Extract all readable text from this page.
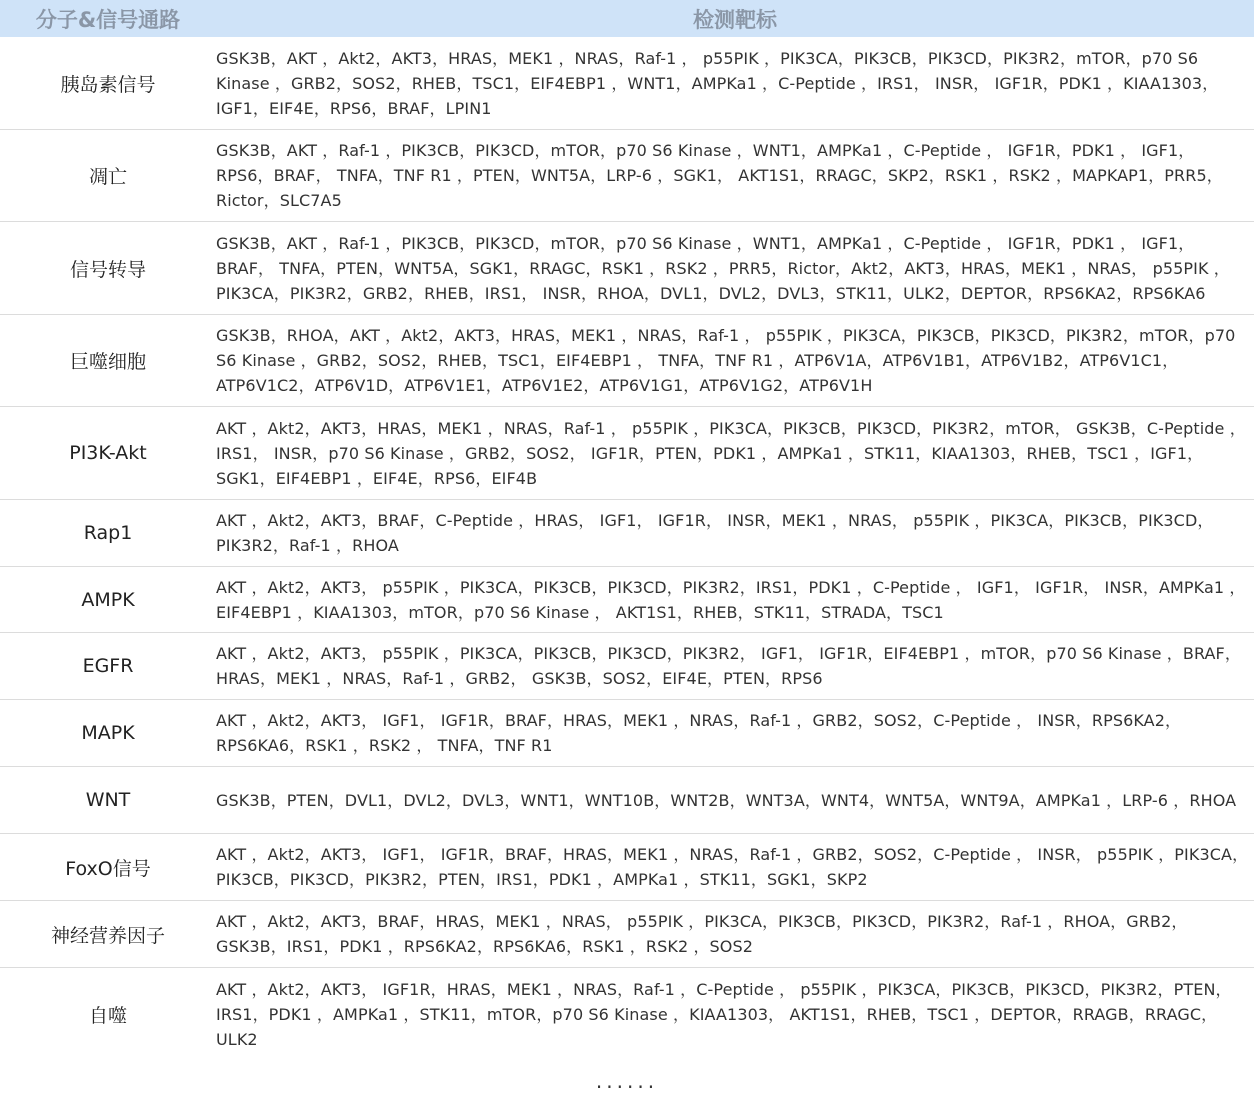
分子&信号通路	检测靶标
胰岛素信号
GSK3B，AKT ，Akt2，AKT3，HRAS，MEK1 ，NRAS，Raf-1 ， p55PIK ，PIK3CA，PIK3CB，PIK3CD，PIK3R2，mTOR，p70 S6 Kinase ，GRB2，SOS2，RHEB，TSC1，EIF4EBP1 ，WNT1，AMPKa1 ，C-Peptide ，IRS1， INSR， IGF1R，PDK1 ，KIAA1303， IGF1，EIF4E，RPS6，BRAF，LPIN1
凋亡
GSK3B，AKT ，Raf-1 ，PIK3CB，PIK3CD，mTOR，p70 S6 Kinase ，WNT1，AMPKa1 ，C-Peptide ， IGF1R，PDK1 ， IGF1，RPS6，BRAF， TNFA，TNF R1 ，PTEN，WNT5A，LRP-6 ，SGK1， AKT1S1，RRAGC，SKP2，RSK1 ，RSK2 ，MAPKAP1，PRR5，Rictor，SLC7A5
信号转导
GSK3B，AKT ，Raf-1 ，PIK3CB，PIK3CD，mTOR，p70 S6 Kinase ，WNT1，AMPKa1 ，C-Peptide ， IGF1R，PDK1 ， IGF1，BRAF， TNFA，PTEN，WNT5A，SGK1，RRAGC，RSK1 ，RSK2 ，PRR5，Rictor，Akt2，AKT3，HRAS，MEK1 ，NRAS， p55PIK ，PIK3CA，PIK3R2，GRB2，RHEB，IRS1， INSR，RHOA，DVL1，DVL2，DVL3，STK11，ULK2，DEPTOR，RPS6KA2，RPS6KA6
巨噬细胞
GSK3B，RHOA，AKT ，Akt2，AKT3，HRAS，MEK1 ，NRAS，Raf-1 ， p55PIK ，PIK3CA，PIK3CB，PIK3CD，PIK3R2，mTOR，p70 S6 Kinase ，GRB2，SOS2，RHEB，TSC1，EIF4EBP1 ， TNFA，TNF R1 ，ATP6V1A，ATP6V1B1，ATP6V1B2，ATP6V1C1，ATP6V1C2，ATP6V1D，ATP6V1E1，ATP6V1E2，ATP6V1G1，ATP6V1G2，ATP6V1H
PI3K-Akt
AKT ，Akt2，AKT3，HRAS，MEK1 ，NRAS，Raf-1 ， p55PIK ，PIK3CA，PIK3CB，PIK3CD，PIK3R2，mTOR， GSK3B，C-Peptide ，IRS1， INSR，p70 S6 Kinase ，GRB2，SOS2， IGF1R，PTEN，PDK1 ，AMPKa1 ，STK11，KIAA1303，RHEB，TSC1 ，IGF1，SGK1，EIF4EBP1 ，EIF4E，RPS6，EIF4B
Rap1
AKT ，Akt2，AKT3，BRAF，C-Peptide ，HRAS， IGF1， IGF1R， INSR，MEK1 ，NRAS， p55PIK ，PIK3CA，PIK3CB，PIK3CD，PIK3R2，Raf-1 ，RHOA
AMPK
AKT ，Akt2，AKT3， p55PIK ，PIK3CA，PIK3CB，PIK3CD，PIK3R2，IRS1，PDK1 ，C-Peptide ， IGF1， IGF1R， INSR，AMPKa1 ，EIF4EBP1 ，KIAA1303，mTOR，p70 S6 Kinase ， AKT1S1，RHEB，STK11，STRADA，TSC1
EGFR
AKT ，Akt2，AKT3， p55PIK ，PIK3CA，PIK3CB，PIK3CD，PIK3R2， IGF1， IGF1R，EIF4EBP1 ，mTOR，p70 S6 Kinase ，BRAF，HRAS，MEK1 ，NRAS，Raf-1 ，GRB2， GSK3B，SOS2，EIF4E，PTEN，RPS6
MAPK
AKT ，Akt2，AKT3， IGF1， IGF1R，BRAF，HRAS，MEK1 ，NRAS，Raf-1 ，GRB2，SOS2，C-Peptide ， INSR，RPS6KA2，RPS6KA6，RSK1 ，RSK2 ， TNFA，TNF R1
WNT	GSK3B，PTEN，DVL1，DVL2，DVL3，WNT1，WNT10B，WNT2B，WNT3A，WNT4，WNT5A，WNT9A，AMPKa1 ，LRP-6 ，RHOA
FoxO信号
AKT ，Akt2，AKT3， IGF1， IGF1R，BRAF，HRAS，MEK1 ，NRAS，Raf-1 ，GRB2，SOS2，C-Peptide ， INSR， p55PIK ，PIK3CA，PIK3CB，PIK3CD，PIK3R2，PTEN，IRS1，PDK1 ，AMPKa1 ，STK11，SGK1，SKP2
神经营养因子
AKT ，Akt2，AKT3，BRAF，HRAS，MEK1 ，NRAS， p55PIK ，PIK3CA，PIK3CB，PIK3CD，PIK3R2，Raf-1 ，RHOA，GRB2，GSK3B，IRS1，PDK1 ，RPS6KA2，RPS6KA6，RSK1 ，RSK2 ，SOS2
自噬
AKT ，Akt2，AKT3， IGF1R，HRAS，MEK1 ，NRAS，Raf-1 ，C-Peptide ， p55PIK ，PIK3CA，PIK3CB，PIK3CD，PIK3R2，PTEN，IRS1，PDK1 ，AMPKa1 ，STK11，mTOR，p70 S6 Kinase ，KIAA1303， AKT1S1，RHEB，TSC1 ，DEPTOR，RRAGB，RRAGC，ULK2
......
